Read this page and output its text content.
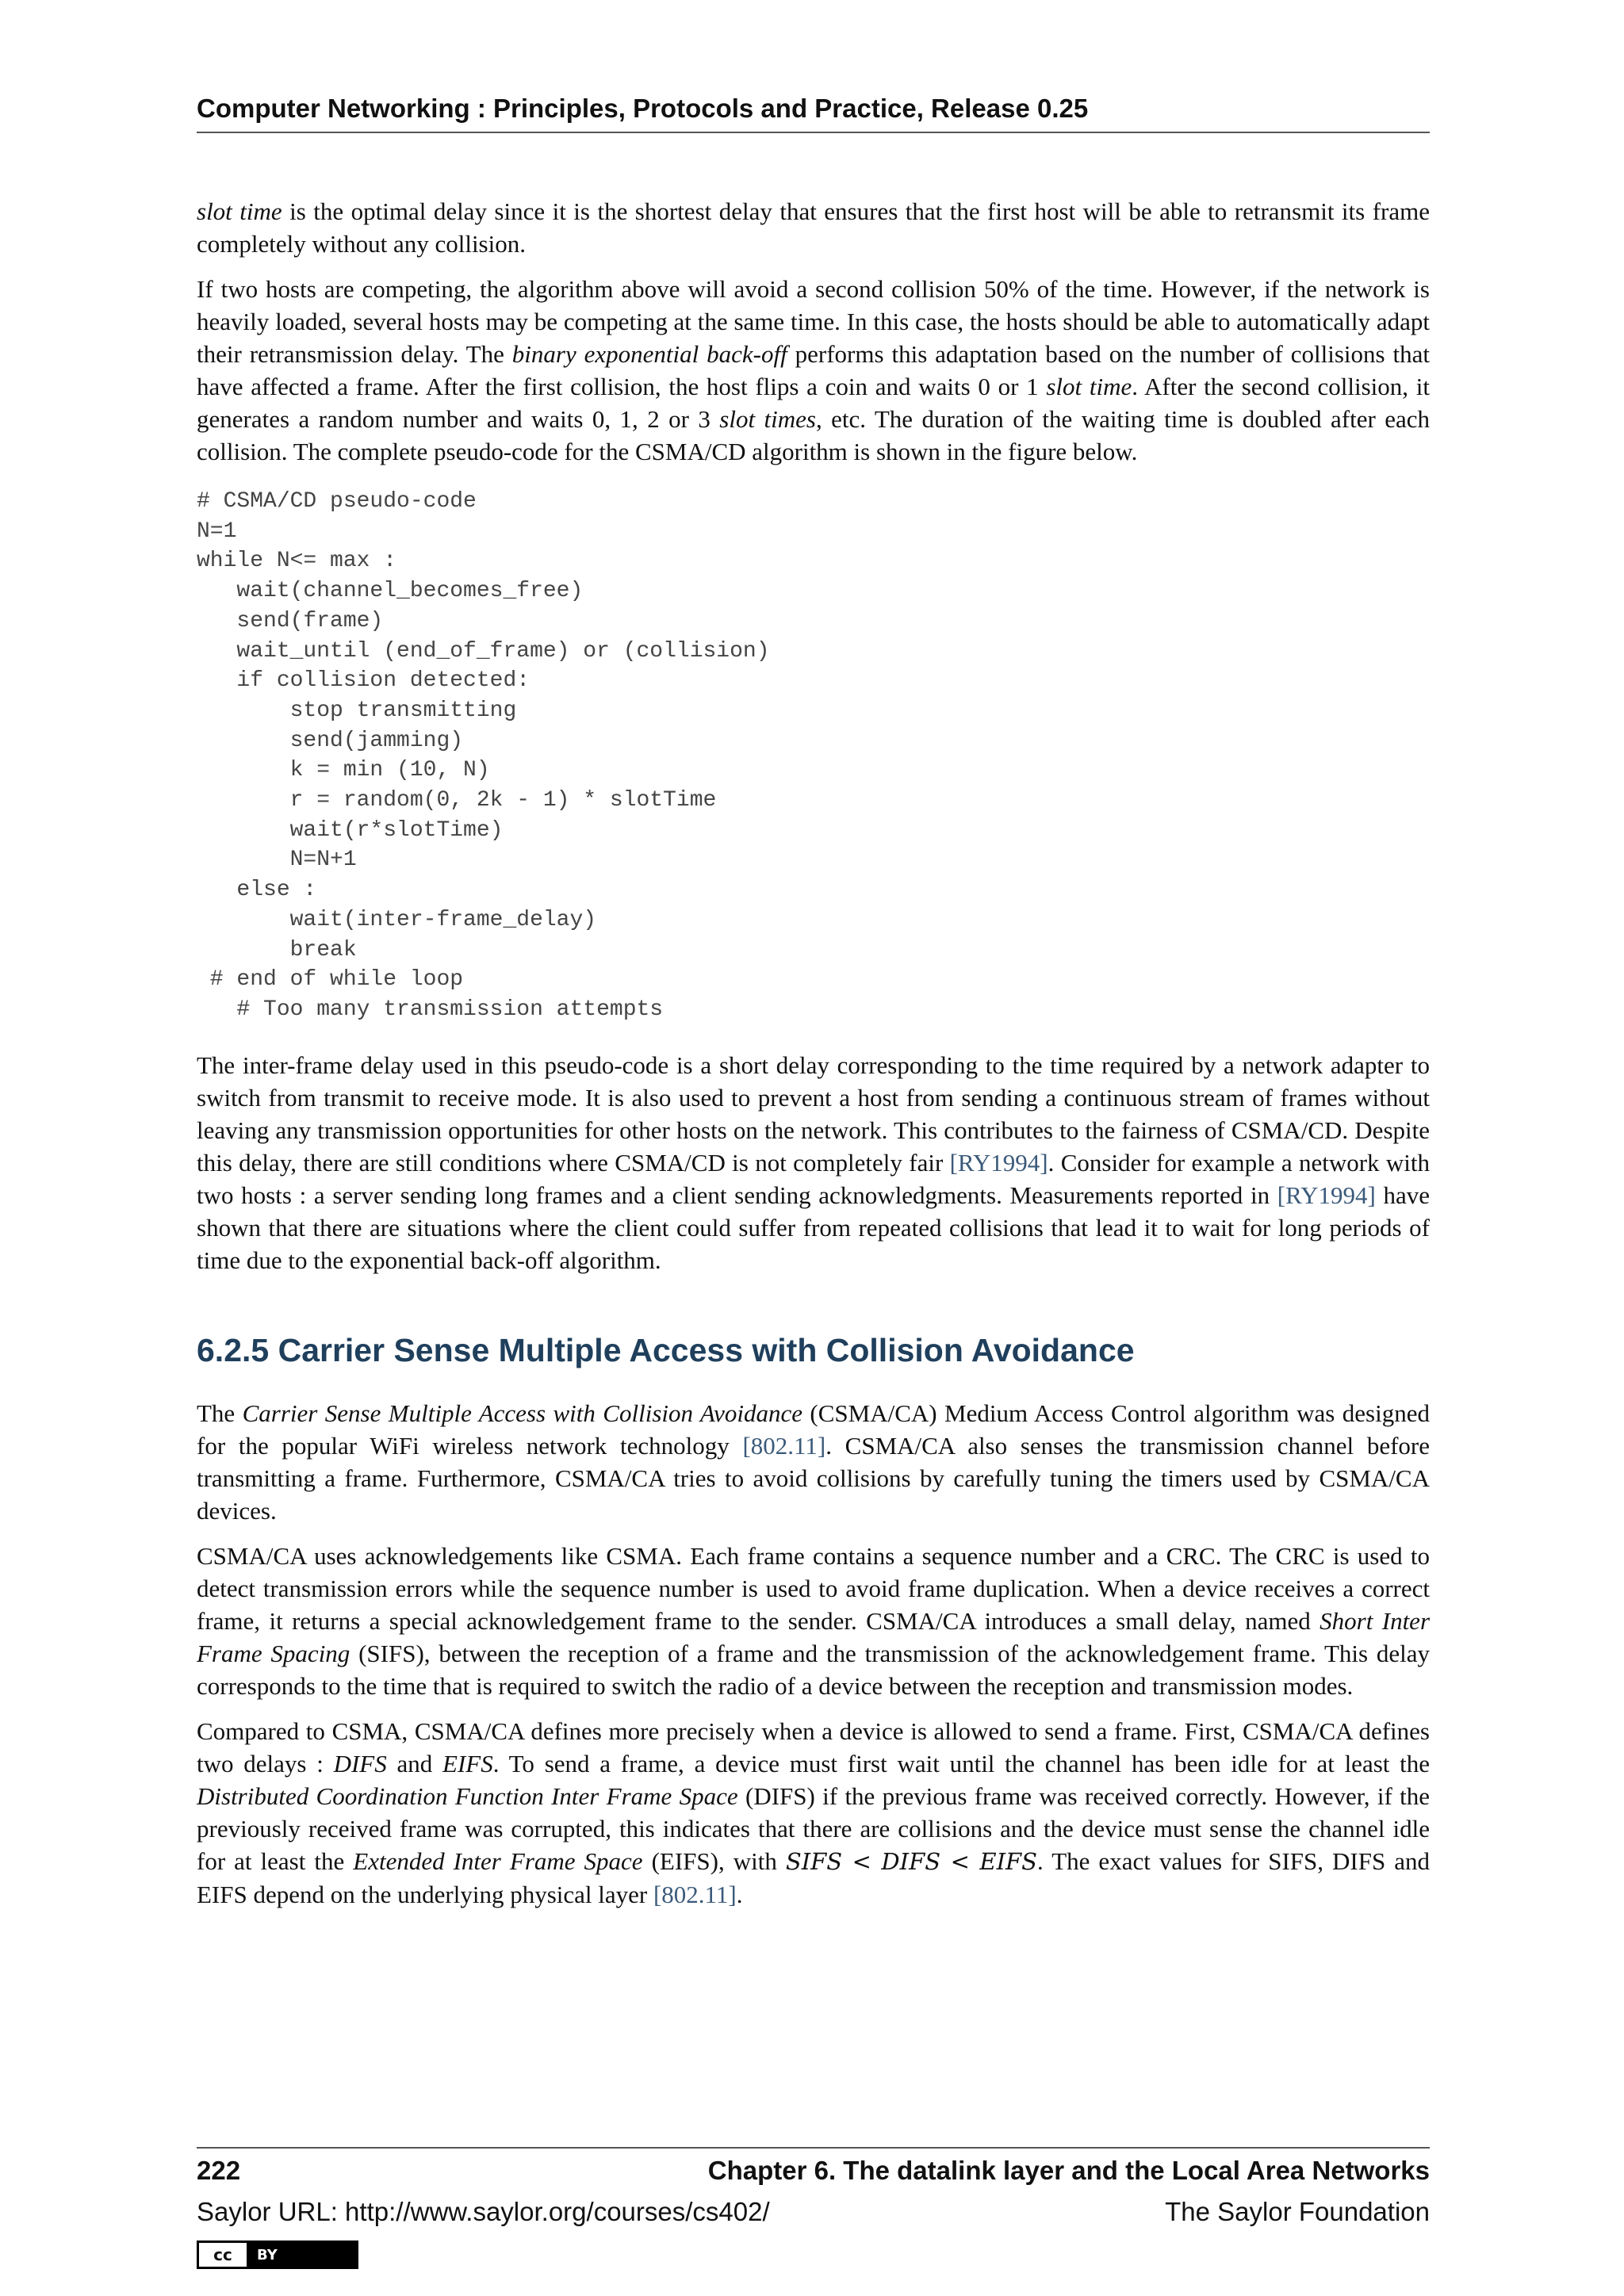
Computer Networking : Principles, Protocols and Practice, Release 0.25

slot time is the optimal delay since it is the shortest delay that ensures that the first host will be able to retransmit its frame completely without any collision.

If two hosts are competing, the algorithm above will avoid a second collision 50% of the time. However, if the network is heavily loaded, several hosts may be competing at the same time. In this case, the hosts should be able to automatically adapt their retransmission delay. The binary exponential back-off performs this adaptation based on the number of collisions that have affected a frame. After the first collision, the host flips a coin and waits 0 or 1 slot time. After the second collision, it generates a random number and waits 0, 1, 2 or 3 slot times, etc. The duration of the waiting time is doubled after each collision. The complete pseudo-code for the CSMA/CD algorithm is shown in the figure below.

# CSMA/CD pseudo-code
N=1
while N<= max :
wait(channel_becomes_free)
send(frame)
wait_until (end_of_frame) or (collision)
if collision detected:
stop transmitting
send(jamming)
k = min (10, N)
r = random(0, 2k - 1) * slotTime
wait(r*slotTime)
N=N+1
else :
wait(inter-frame_delay)
break
# end of while loop
# Too many transmission attempts

The inter-frame delay used in this pseudo-code is a short delay corresponding to the time required by a network adapter to switch from transmit to receive mode. It is also used to prevent a host from sending a continuous stream of frames without leaving any transmission opportunities for other hosts on the network. This contributes to the fairness of CSMA/CD. Despite this delay, there are still conditions where CSMA/CD is not completely fair [RY1994]. Consider for example a network with two hosts : a server sending long frames and a client sending acknowledgments. Measurements reported in [RY1994] have shown that there are situations where the client could suffer from repeated collisions that lead it to wait for long periods of time due to the exponential back-off algorithm.

6.2.5 Carrier Sense Multiple Access with Collision Avoidance

The Carrier Sense Multiple Access with Collision Avoidance (CSMA/CA) Medium Access Control algorithm was designed for the popular WiFi wireless network technology [802.11]. CSMA/CA also senses the transmission channel before transmitting a frame. Furthermore, CSMA/CA tries to avoid collisions by carefully tuning the timers used by CSMA/CA devices.

CSMA/CA uses acknowledgements like CSMA. Each frame contains a sequence number and a CRC. The CRC is used to detect transmission errors while the sequence number is used to avoid frame duplication. When a device receives a correct frame, it returns a special acknowledgement frame to the sender. CSMA/CA introduces a small delay, named Short Inter Frame Spacing (SIFS), between the reception of a frame and the transmission of the acknowledgement frame. This delay corresponds to the time that is required to switch the radio of a device between the reception and transmission modes.

Compared to CSMA, CSMA/CA defines more precisely when a device is allowed to send a frame. First, CSMA/CA defines two delays : DIFS and EIFS. To send a frame, a device must first wait until the channel has been idle for at least the Distributed Coordination Function Inter Frame Space (DIFS) if the previous frame was received correctly. However, if the previously received frame was corrupted, this indicates that there are collisions and the device must sense the channel idle for at least the Extended Inter Frame Space (EIFS), with SIFS < DIFS < EIFS. The exact values for SIFS, DIFS and EIFS depend on the underlying physical layer [802.11].

222	Chapter 6. The datalink layer and the Local Area Networks
Saylor URL: http://www.saylor.org/courses/cs402/	The Saylor Foundation
cc	BY
